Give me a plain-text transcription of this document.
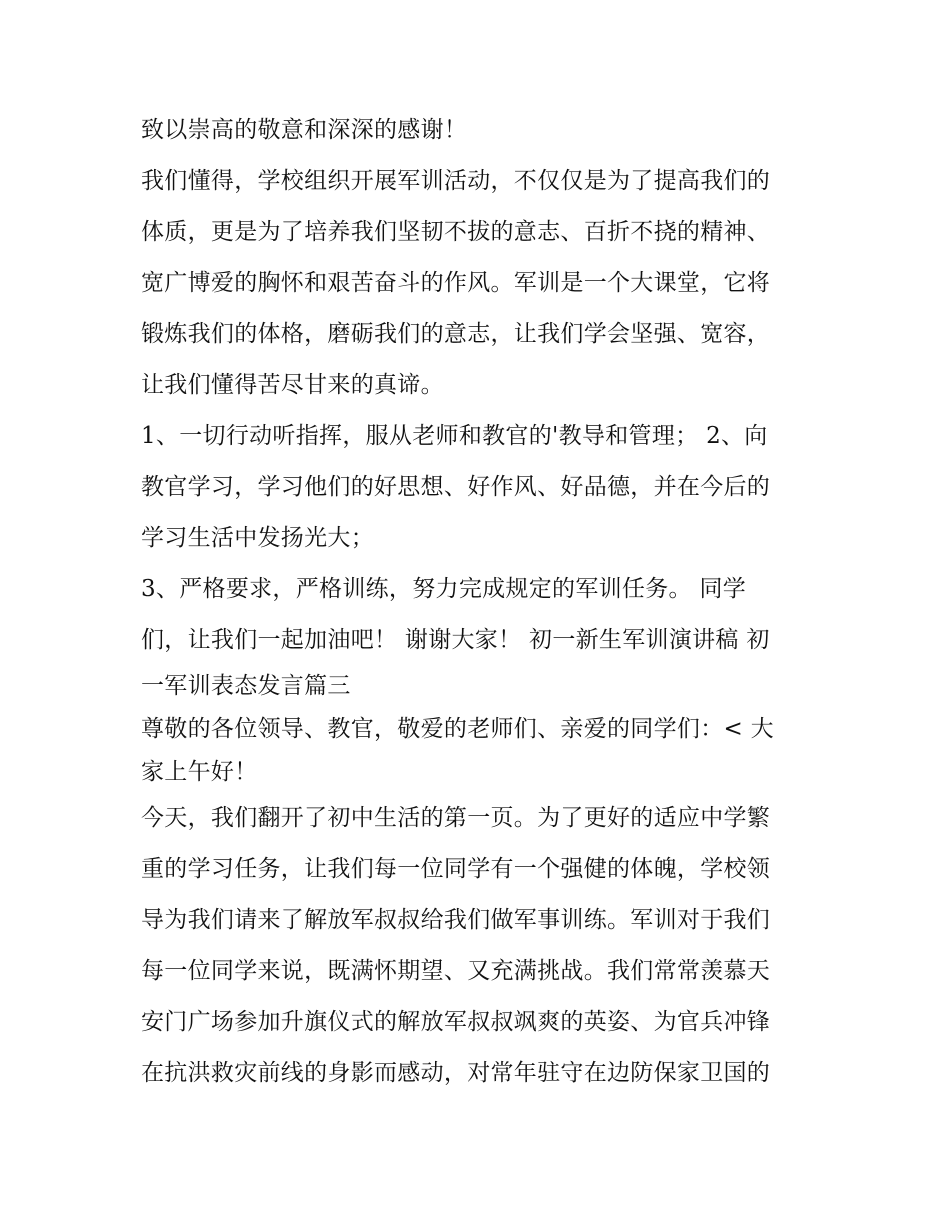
致以崇高的敬意和深深的感谢！
我们懂得，学校组织开展军训活动，不仅仅是为了提高我们的
体质，更是为了培养我们坚韧不拔的意志、百折不挠的精神、
宽广博爱的胸怀和艰苦奋斗的作风。军训是一个大课堂，它将
锻炼我们的体格，磨砺我们的意志，让我们学会坚强、宽容，
让我们懂得苦尽甘来的真谛。
1、一切行动听指挥，服从老师和教官的'教导和管理； 2、向
教官学习，学习他们的好思想、好作风、好品德，并在今后的
学习生活中发扬光大；
3、严格要求，严格训练，努力完成规定的军训任务。 同学
们，让我们一起加油吧！ 谢谢大家！ 初一新生军训演讲稿 初
一军训表态发言篇三
尊敬的各位领导、教官，敬爱的老师们、亲爱的同学们：< 大
家上午好！
今天，我们翻开了初中生活的第一页。为了更好的适应中学繁
重的学习任务，让我们每一位同学有一个强健的体魄，学校领
导为我们请来了解放军叔叔给我们做军事训练。军训对于我们
每一位同学来说，既满怀期望、又充满挑战。我们常常羡慕天
安门广场参加升旗仪式的解放军叔叔飒爽的英姿、为官兵冲锋
在抗洪救灾前线的身影而感动，对常年驻守在边防保家卫国的
